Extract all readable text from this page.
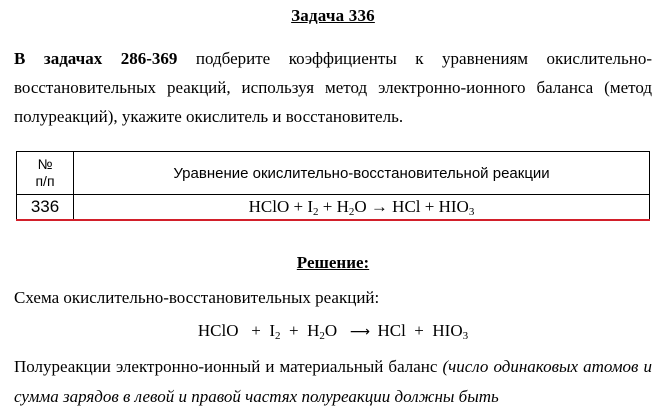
Задача 336
В задачах 286-369 подберите коэффициенты к уравнениям окислительно-восстановительных реакций, используя метод электронно-ионного баланса (метод полуреакций), укажите окислитель и восстановитель.
№
п/п	Уравнение окислительно-восстановительной реакции
336	HClO + $I_2 + H_2O$ → HCl + $HIO_3$
Решение:
Схема окислительно-восстановительных реакций:
HClO   +  $I_2 + H_2O$   ⟶  HCl  +  $HIO_3$
Полуреакции электронно-ионный и материальный баланс (число одинаковых атомов и сумма зарядов в левой и правой частях полуреакции должны быть
